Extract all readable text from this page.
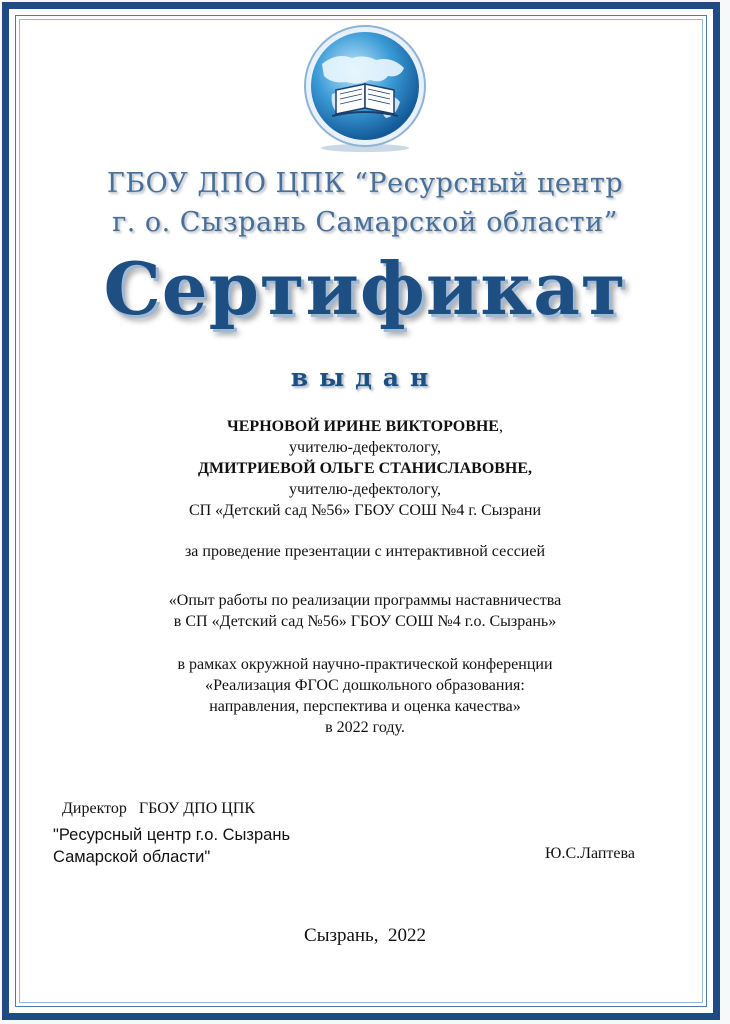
ГБОУ ДПО ЦПК “Ресурсный центр
г. о. Сызрань Самарской области”
Сертификат
выдан
ЧЕРНОВОЙ ИРИНЕ ВИКТОРОВНЕ,
учителю-дефектологу,
ДМИТРИЕВОЙ ОЛЬГЕ СТАНИСЛАВОВНЕ,
учителю-дефектологу,
СП «Детский сад №56» ГБОУ СОШ №4 г. Сызрани
за проведение презентации с интерактивной сессией
«Опыт работы по реализации программы наставничества
в СП «Детский сад №56» ГБОУ СОШ №4 г.о. Сызрань»
в рамках окружной научно-практической конференции
«Реализация ФГОС дошкольного образования:
направления, перспектива и оценка качества»
в 2022 году.
Директор   ГБОУ ДПО ЦПК
"Ресурсный центр г.о. Сызрань
Самарской области"	Ю.С.Лаптева
Сызрань,  2022
